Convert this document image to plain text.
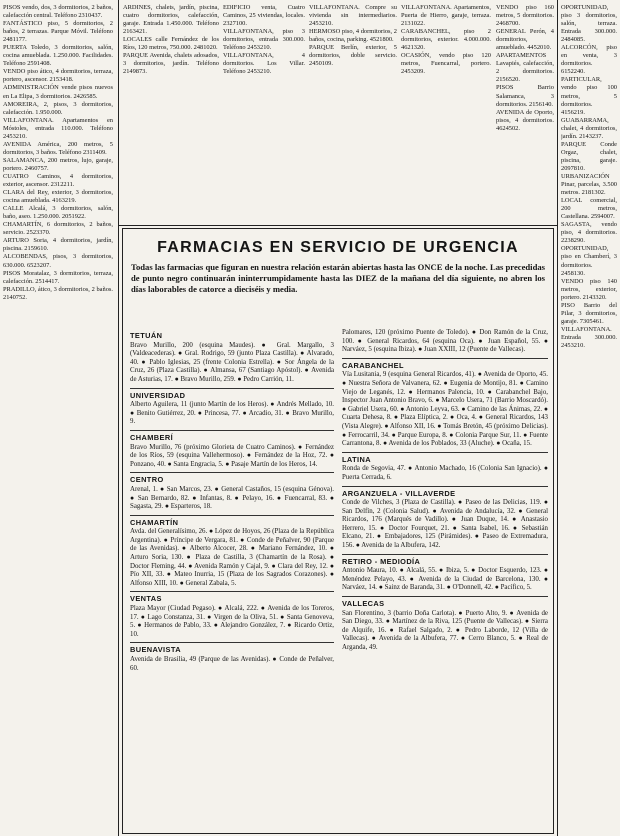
PISOS vendo, dos, 3 dormitorios, 2 baños, calefacción central. Teléfono 2310437.

FANTÁSTICO piso, 5 dormitorios, 2 baños, 2 terrazas. Parque Móvil. Teléfono 2481177.

PUERTA Toledo, 3 dormitorios, salón, cocina amueblada. 1.250.000. Facilidades. Teléfono 2591408.

VENDO piso ático, 4 dormitorios, terraza, portero, ascensor. 2153418.

ADMINISTRACIÓN vende pisos nuevos en La Elipa, 3 dormitorios. 2426585.

AMOREIRA, 2, pisos, 3 dormitorios, calefacción. 1.950.000.

VILLAFONTANA. Apartamentos en Móstoles, entrada 110.000. Teléfono 2453210.

AVENIDA América, 200 metros, 5 dormitorios, 3 baños. Teléfono 2311409.

SALAMANCA, 200 metros, lujo, garaje, portero. 2460757.

CUATRO Caminos, 4 dormitorios, exterior, ascensor. 2312211.

CLARA del Rey, exterior, 3 dormitorios, cocina amueblada. 4163219.

CALLE Alcalá, 3 dormitorios, salón, baño, aseo. 1.250.000. 2051922.

CHAMARTÍN, 6 dormitorios, 2 baños, servicio. 2523370.

ARTURO Soria, 4 dormitorios, jardín, piscina. 2159610.

ALCOBENDAS, pisos, 3 dormitorios, 630.000. 6523207.

PISOS Moratalaz, 3 dormitorios, terraza, calefacción. 2514417.

PRADILLO, ático, 3 dormitorios, 2 baños. 2140752.

ARDINES, chalets, jardín, piscina, cuatro dormitorios, calefacción, garaje. Entrada 1.450.000. Teléfono 2163421.

LOCALES calle Fernández de los Ríos, 120 metros, 750.000. 2481020.

PARQUE Avenida, chalets adosados, 3 dormitorios, jardín. Teléfono 2149873.

EDIFICIO venta, Cuatro Caminos, 25 viviendas, locales. 2327100.

VILLAFONTANA, piso 3 dormitorios, entrada 300.000. Teléfono 2453210.

VILLAFONTANA, 4 dormitorios. Los Villar. Teléfono 2453210.

VILLAFONTANA. Compre su vivienda sin intermediarios. 2453210.

HERMOSO piso, 4 dormitorios, 2 baños, cocina, parking. 4521800.

PARQUE Berlín, exterior, 5 dormitorios, doble servicio. 2450109.

VILLAFONTANA. Apartamentos, Puerta de Hierro, garaje, terraza. 2131022.

CARABANCHEL, piso 2 dormitorios, exterior. 4.000.000. 4621320.

OCASIÓN, vendo piso 120 metros, Fuencarral, portero. 2453209.

VENDO piso 160 metros, 5 dormitorios. 2468700.

GENERAL Perón, 4 dormitorios, amueblado. 4452010.

APARTAMENTOS Lavapiés, calefacción, 2 dormitorios. 2156520.

PISOS Barrio Salamanca, 3 dormitorios. 2156140.

AVENIDA de Oporto, pisos, 4 dormitorios. 4624502.

OPORTUNIDAD, piso 3 dormitorios, salón, terraza. Entrada 300.000. 2484085.

ALCORCÓN, piso en venta, 3 dormitorios. 6152240.

PARTICULAR, vendo piso 100 metros, 5 dormitorios. 4156219.

GUABARRAMA, chalet, 4 dormitorios, jardín. 2143237.

PARQUE Conde Orgaz, chalet, piscina, garaje. 2097810.

URBANIZACIÓN Pinar, parcelas, 3.500 metros. 2181302.

LOCAL comercial, 200 metros, Castellana. 2594007.

SAGASTA, vendo piso, 4 dormitorios. 2238290.

OPORTUNIDAD, piso en Chamberí, 3 dormitorios. 2458130.

VENDO piso 140 metros, exterior, portero. 2143320.

PISO Barrio del Pilar, 3 dormitorios, garaje. 7305461.

VILLAFONTANA. Entrada 300.000. 2453210.

FARMACIAS EN SERVICIO DE URGENCIA
Todas las farmacias que figuran en nuestra relación estarán abiertas hasta las ONCE de la noche. Las precedidas de punto negro continuarán ininterrumpidamente hasta las DIEZ de la mañana del día siguiente, no abren los días laborables de catorce a dieciséis y media.
TETUÁN

Bravo Murillo, 200 (esquina Maudes). ● Gral. Margallo, 3 (Valdeacederas). ● Gral. Rodrigo, 59 (junto Plaza Castilla). ● Alvarado, 40. ● Pablo Iglesias, 25 (frente Colonia Estrella). ● Sor Ángela de la Cruz, 26 (Plaza Castilla). ● Almansa, 67 (Santiago Apóstol). ● Avenida de Asturias, 17. ● Bravo Murillo, 259. ● Pedro Carrión, 11.

UNIVERSIDAD

Alberto Aguilera, 11 (junto Martín de los Heros). ● Andrés Mellado, 10. ● Benito Gutiérrez, 20. ● Princesa, 77. ● Arcadio, 31. ● Bravo Murillo, 9.

CHAMBERÍ

Bravo Murillo, 76 (próximo Glorieta de Cuatro Caminos). ● Fernández de los Ríos, 59 (esquina Vallehermoso). ● Fernández de la Hoz, 72. ● Ponzano, 40. ● Santa Engracia, 5. ● Pasaje Martín de los Heros, 14.

CENTRO

Arenal, 1. ● San Marcos, 23. ● General Castaños, 15 (esquina Génova). ● San Bernardo, 82. ● Infantas, 8. ● Pelayo, 16. ● Fuencarral, 83. ● Sagasta, 29. ● Esparteros, 18.

CHAMARTÍN

Avda. del Generalísimo, 26. ● López de Hoyos, 26 (Plaza de la República Argentina). ● Príncipe de Vergara, 81. ● Conde de Peñalver, 90 (Parque de las Avenidas). ● Alberto Alcocer, 28. ● Mariano Fernández, 10. ● Arturo Soria, 130. ● Plaza de Castilla, 3 (Chamartín de la Rosa). ● Doctor Fleming, 44. ● Avenida Ramón y Cajal, 9. ● Clara del Rey, 12. ● Pío XII, 33. ● Mateo Inurria, 15 (Plaza de los Sagrados Corazones). ● Alfonso XIII, 10. ● General Zabala, 5.

VENTAS

Plaza Mayor (Ciudad Pegaso). ● Alcalá, 222. ● Avenida de los Toreros, 17. ● Lago Constanza, 31. ● Virgen de la Oliva, 51. ● Santa Genoveva, 5. ● Hermanos de Pablo, 33. ● Alejandro González, 7. ● Ricardo Ortiz, 10.

BUENAVISTA

Avenida de Brasilia, 49 (Parque de las Avenidas). ● Conde de Peñalver, 60.

Palomares, 120 (próximo Puente de Toledo). ● Don Ramón de la Cruz, 100. ● General Ricardos, 64 (esquina Oca). ● Juan Español, 55. ● Narváez, 5 (esquina Ibiza). ● Juan XXIII, 12 (Puente de Vallecas).

CARABANCHEL

Vía Lusitania, 9 (esquina General Ricardos, 41). ● Avenida de Oporto, 45. ● Nuestra Señora de Valvanera, 62. ● Eugenia de Montijo, 81. ● Camino Viejo de Leganés, 12. ● Hermanos Palencia, 10. ● Carabanchel Bajo, Inspector Juan Antonio Bravo, 6. ● Marcelo Usera, 71 (Barrio Moscardó). ● Gabriel Usera, 60. ● Antonio Leyva, 63. ● Camino de las Ánimas, 22. ● Cuarta Dehesa, 8. ● Plaza Elíptica, 2. ● Oca, 4. ● General Ricardos, 143 (Vista Alegre). ● Alfonso XII, 16. ● Tomás Bretón, 45 (próximo Delicias). ● Ferrocarril, 34. ● Parque Europa, 8. ● Colonia Parque Sur, 11. ● Fuente Carrantona, 8. ● Avenida de los Poblados, 33 (Aluche). ● Ocaña, 15.

LATINA

Ronda de Segovia, 47. ● Antonio Machado, 16 (Colonia San Ignacio). ● Puerta Cerrada, 6.

ARGANZUELA - VILLAVERDE

Conde de Vilches, 3 (Plaza de Castilla). ● Paseo de las Delicias, 119. ● San Delfín, 2 (Colonia Salud). ● Avenida de Andalucía, 32. ● General Ricardos, 176 (Marqués de Vadillo). ● Juan Duque, 14. ● Anastasio Herrero, 15. ● Doctor Fourquet, 21. ● Santa Isabel, 16. ● Sebastián Elcano, 21. ● Embajadores, 125 (Pirámides). ● Paseo de Extremadura, 156. ● Avenida de la Albufera, 142.

RETIRO - MEDIODÍA

Antonio Maura, 10. ● Alcalá, 55. ● Ibiza, 5. ● Doctor Esquerdo, 123. ● Menéndez Pelayo, 43. ● Avenida de la Ciudad de Barcelona, 130. ● Narváez, 14. ● Sainz de Baranda, 31. ● O'Donnell, 42. ● Pacífico, 5.

VALLECAS

San Florentino, 3 (barrio Doña Carlota). ● Puerto Alto, 9. ● Avenida de San Diego, 33. ● Martínez de la Riva, 125 (Puente de Vallecas). ● Sierra de Alquife, 16. ● Rafael Salgado, 2. ● Pedro Laborde, 12 (Villa de Vallecas). ● Avenida de la Albufera, 77. ● Cerro Blanco, 5. ● Real de Arganda, 49.
